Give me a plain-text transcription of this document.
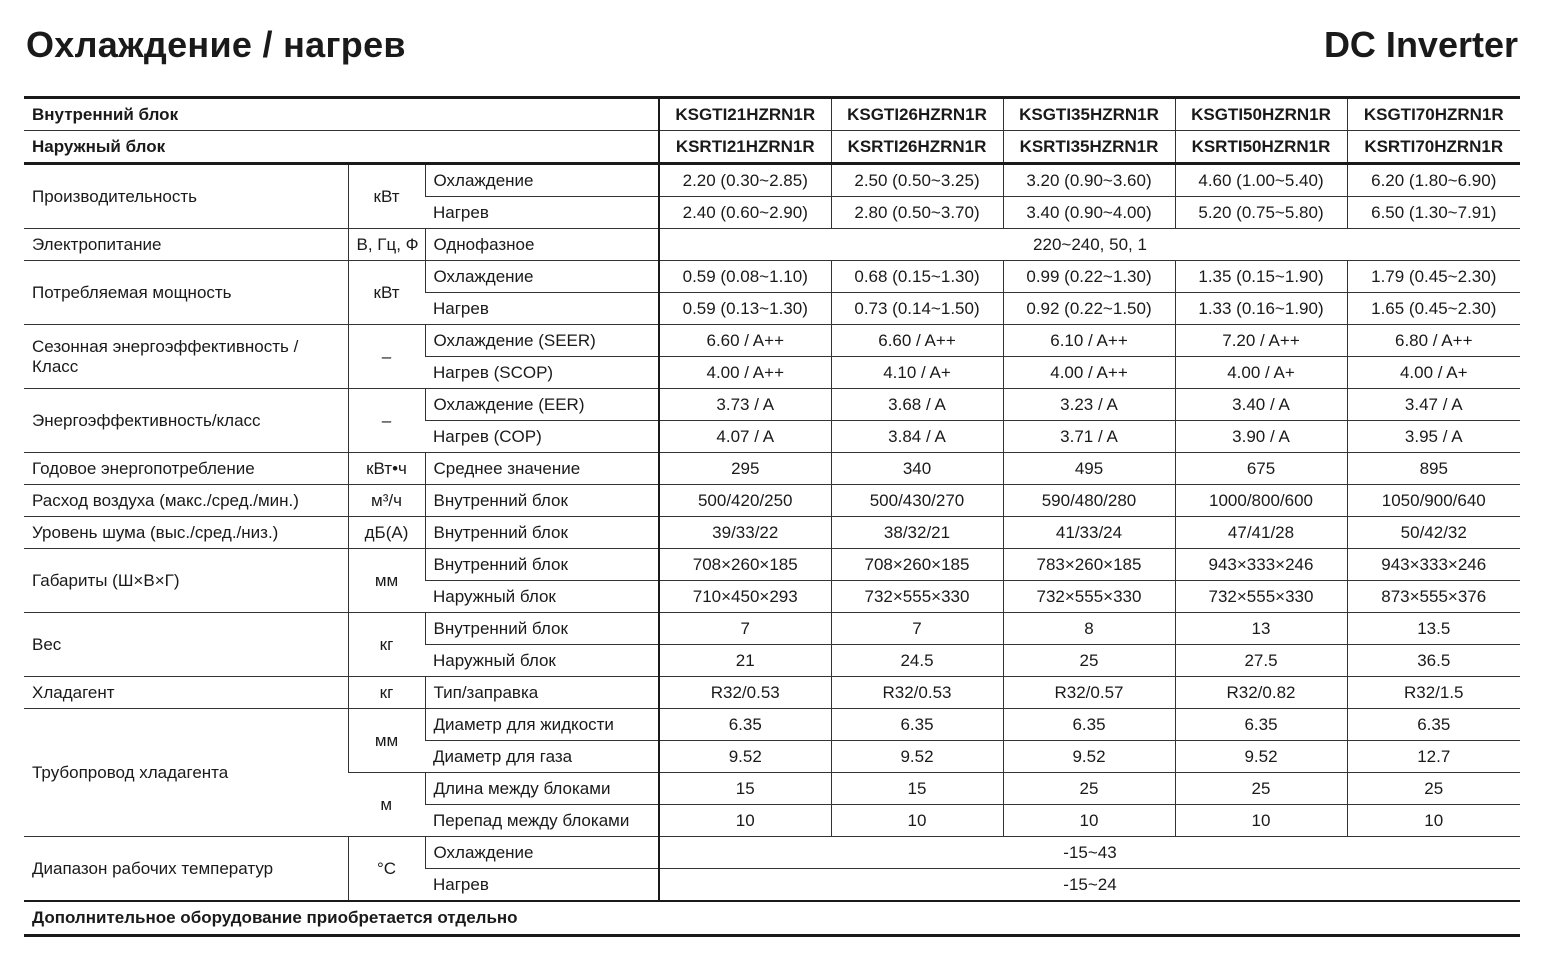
Охлаждение / нагрев	DC Inverter
Внутренний блок			KSGTI21HZRN1R	KSGTI26HZRN1R	KSGTI35HZRN1R	KSGTI50HZRN1R	KSGTI70HZRN1R
Наружный блок			KSRTI21HZRN1R	KSRTI26HZRN1R	KSRTI35HZRN1R	KSRTI50HZRN1R	KSRTI70HZRN1R
Производительность	кВт	Охлаждение	2.20 (0.30~2.85)	2.50 (0.50~3.25)	3.20 (0.90~3.60)	4.60 (1.00~5.40)	6.20 (1.80~6.90)
		Нагрев	2.40 (0.60~2.90)	2.80 (0.50~3.70)	3.40 (0.90~4.00)	5.20 (0.75~5.80)	6.50 (1.30~7.91)
Электропитание	В, Гц, Ф	Однофазное	220~240, 50, 1				
Потребляемая мощность	кВт	Охлаждение	0.59 (0.08~1.10)	0.68 (0.15~1.30)	0.99 (0.22~1.30)	1.35 (0.15~1.90)	1.79 (0.45~2.30)
		Нагрев	0.59 (0.13~1.30)	0.73 (0.14~1.50)	0.92 (0.22~1.50)	1.33 (0.16~1.90)	1.65 (0.45~2.30)
Сезонная энергоэффективность / Класс	–	Охлаждение (SEER)	6.60 / A++	6.60 / A++	6.10 / A++	7.20 / A++	6.80 / A++
		Нагрев (SCOP)	4.00 / A++	4.10 / A+	4.00 / A++	4.00 / A+	4.00 / A+
Энергоэффективность/класс	–	Охлаждение (EER)	3.73 / A	3.68 / A	3.23 / A	3.40 / A	3.47 / A
		Нагрев (COP)	4.07 / A	3.84 / A	3.71 / A	3.90 / A	3.95 / A
Годовое энергопотребление	кВт•ч	Среднее значение	295	340	495	675	895
Расход воздуха (макс./сред./мин.)	м³/ч	Внутренний блок	500/420/250	500/430/270	590/480/280	1000/800/600	1050/900/640
Уровень шума (выс./сред./низ.)	дБ(А)	Внутренний блок	39/33/22	38/32/21	41/33/24	47/41/28	50/42/32
Габариты (Ш×В×Г)	мм	Внутренний блок	708×260×185	708×260×185	783×260×185	943×333×246	943×333×246
		Наружный блок	710×450×293	732×555×330	732×555×330	732×555×330	873×555×376
Вес	кг	Внутренний блок	7	7	8	13	13.5
		Наружный блок	21	24.5	25	27.5	36.5
Хладагент	кг	Тип/заправка	R32/0.53	R32/0.53	R32/0.57	R32/0.82	R32/1.5
Трубопровод хладагента	мм	Диаметр для жидкости	6.35	6.35	6.35	6.35	6.35
		Диаметр для газа	9.52	9.52	9.52	9.52	12.7
	м	Длина между блоками	15	15	25	25	25
		Перепад между блоками	10	10	10	10	10
Диапазон рабочих температур	°C	Охлаждение	-15~43				
		Нагрев	-15~24				
Дополнительное оборудование приобретается отдельно							
